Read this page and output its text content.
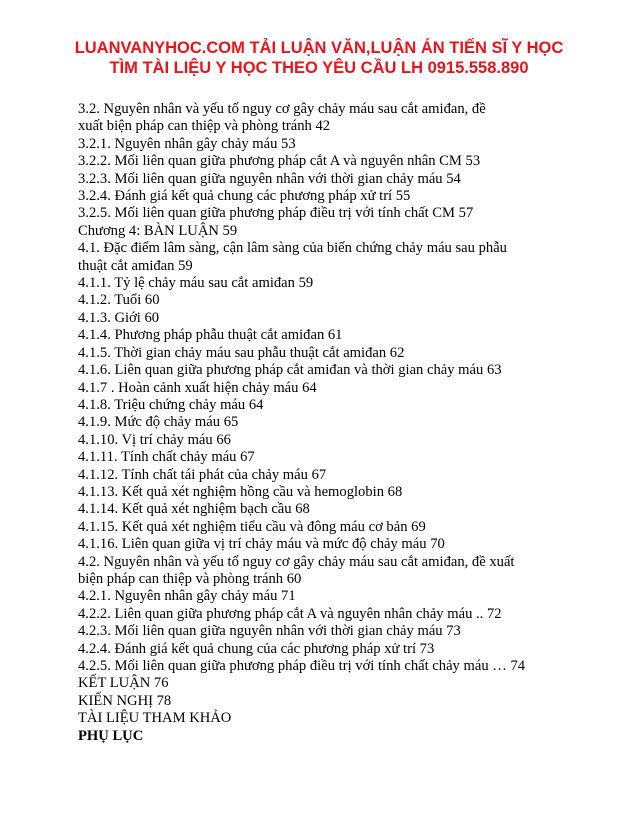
LUANVANYHOC.COM TẢI LUẬN VĂN,LUẬN ÁN TIẾN SĨ Y HỌC
TÌM TÀI LIỆU Y HỌC THEO YÊU CẦU LH 0915.558.890
3.2. Nguyên nhân và yếu tố nguy cơ gây chảy máu sau cắt amiđan, đề
xuất biện pháp can thiệp và phòng tránh 42
3.2.1. Nguyên nhân gây chảy máu 53
3.2.2. Mối liên quan giữa phương pháp cắt A và nguyên nhân CM 53
3.2.3. Mối liên quan giữa nguyên nhân với thời gian chảy máu 54
3.2.4. Đánh giá kết quả chung các phương pháp xử trí 55
3.2.5. Mối liên quan giữa phương pháp điều trị với tính chất CM 57
Chương 4: BÀN LUẬN 59
4.1. Đặc điểm lâm sàng, cận lâm sàng của biến chứng chảy máu sau phẫu
thuật cắt amiđan 59
4.1.1. Tỷ lệ chảy máu sau cắt amiđan 59
4.1.2. Tuổi 60
4.1.3. Giới 60
4.1.4. Phương pháp phẫu thuật cắt amiđan 61
4.1.5. Thời gian chảy máu sau phẫu thuật cắt amiđan 62
4.1.6. Liên quan giữa phương pháp cắt amiđan và thời gian chảy máu 63
4.1.7 . Hoàn cảnh xuất hiện chảy máu 64
4.1.8. Triệu chứng chảy máu 64
4.1.9. Mức độ chảy máu 65
4.1.10. Vị trí chảy máu 66
4.1.11. Tính chất chảy máu 67
4.1.12. Tính chất tái phát của chảy máu 67
4.1.13. Kết quả xét nghiệm hồng cầu và hemoglobin 68
4.1.14. Kết quả xét nghiệm bạch cầu 68
4.1.15. Kết quả xét nghiệm tiểu cầu và đông máu cơ bản 69
4.1.16. Liên quan giữa vị trí chảy máu và mức độ chảy máu 70
4.2. Nguyên nhân và yếu tố nguy cơ gây chảy máu sau cắt amiđan, đề xuất
biện pháp can thiệp và phòng tránh 60
4.2.1. Nguyên nhân gây chảy máu 71
4.2.2. Liên quan giữa phương pháp cắt A và nguyên nhân chảy máu .. 72
4.2.3. Mối liên quan giữa nguyên nhân với thời gian chảy máu 73
4.2.4. Đánh giá kết quả chung của các phương pháp xử trí 73
4.2.5. Mối liên quan giữa phương pháp điều trị với tính chất chảy máu … 74
KẾT LUẬN 76
KIẾN NGHỊ 78
TÀI LIỆU THAM KHẢO
PHỤ LỤC
